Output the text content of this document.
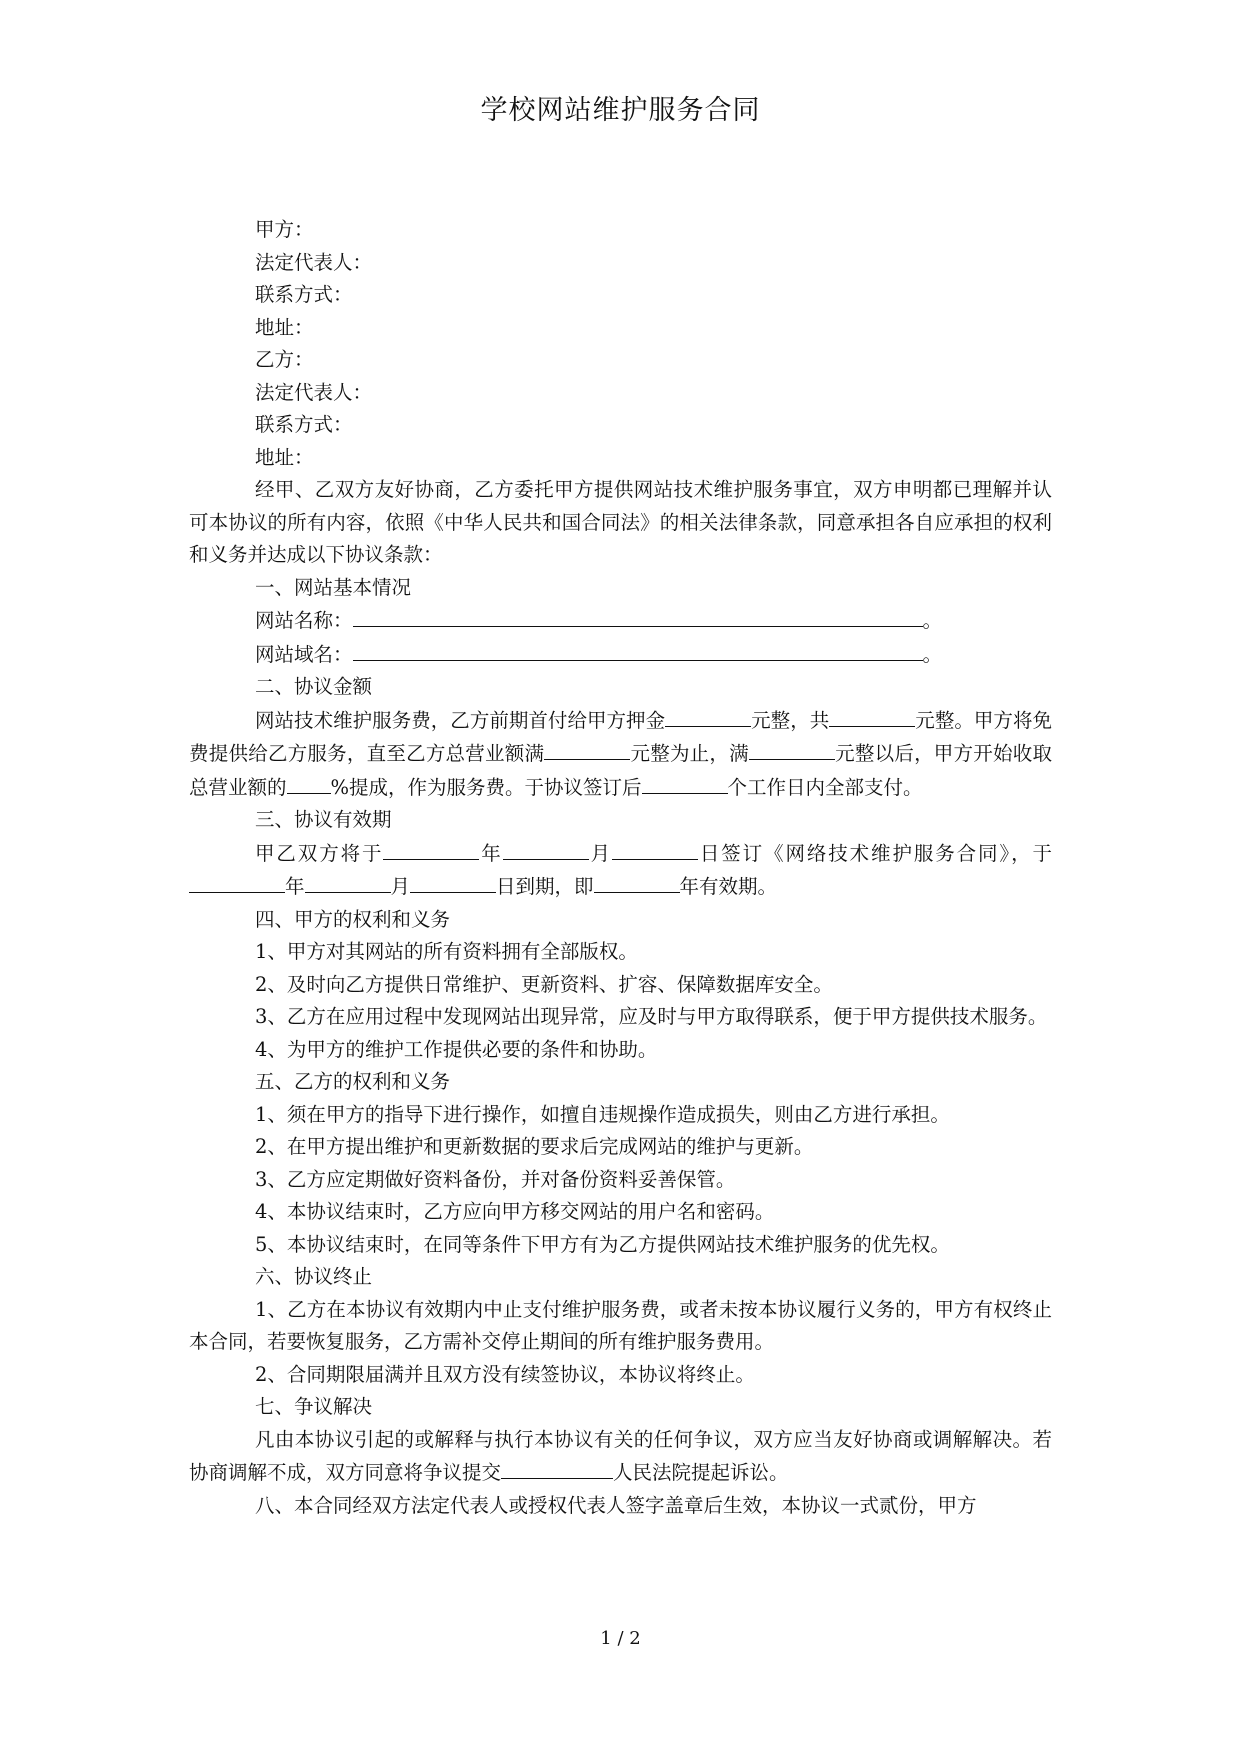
学校网站维护服务合同

甲方：

法定代表人：

联系方式：

地址：

乙方：

法定代表人：

联系方式：

地址：

经甲、乙双方友好协商，乙方委托甲方提供网站技术维护服务事宜，双方申明都已理解并认可本协议的所有内容，依照《中华人民共和国合同法》的相关法律条款，同意承担各自应承担的权利和义务并达成以下协议条款：

一、网站基本情况

网站名称：	。

网站域名：	。

二、协议金额

网站技术维护服务费，乙方前期首付给甲方押金	元整，共	元整。甲方将免费提供给乙方服务，直至乙方总营业额满	元整为止，满	元整以后，甲方开始收取总营业额的 %提成，作为服务费。于协议签订后	个工作日内全部支付。

三、协议有效期

甲乙双方将于	年	月	日签订《网络技术维护服务合同》，于年	月	日到期，即	年有效期。

四、甲方的权利和义务

1、甲方对其网站的所有资料拥有全部版权。

2、及时向乙方提供日常维护、更新资料、扩容、保障数据库安全。

3、乙方在应用过程中发现网站出现异常，应及时与甲方取得联系，便于甲方提供技术服务。

4、为甲方的维护工作提供必要的条件和协助。

五、乙方的权利和义务

1、须在甲方的指导下进行操作，如擅自违规操作造成损失，则由乙方进行承担。

2、在甲方提出维护和更新数据的要求后完成网站的维护与更新。

3、乙方应定期做好资料备份，并对备份资料妥善保管。

4、本协议结束时，乙方应向甲方移交网站的用户名和密码。

5、本协议结束时，在同等条件下甲方有为乙方提供网站技术维护服务的优先权。

六、协议终止

1、乙方在本协议有效期内中止支付维护服务费，或者未按本协议履行义务的，甲方有权终止本合同，若要恢复服务，乙方需补交停止期间的所有维护服务费用。

2、合同期限届满并且双方没有续签协议，本协议将终止。

七、争议解决

凡由本协议引起的或解释与执行本协议有关的任何争议，双方应当友好协商或调解解决。若协商调解不成，双方同意将争议提交	人民法院提起诉讼。

八、本合同经双方法定代表人或授权代表人签字盖章后生效，本协议一式贰份，甲方

1 / 2
